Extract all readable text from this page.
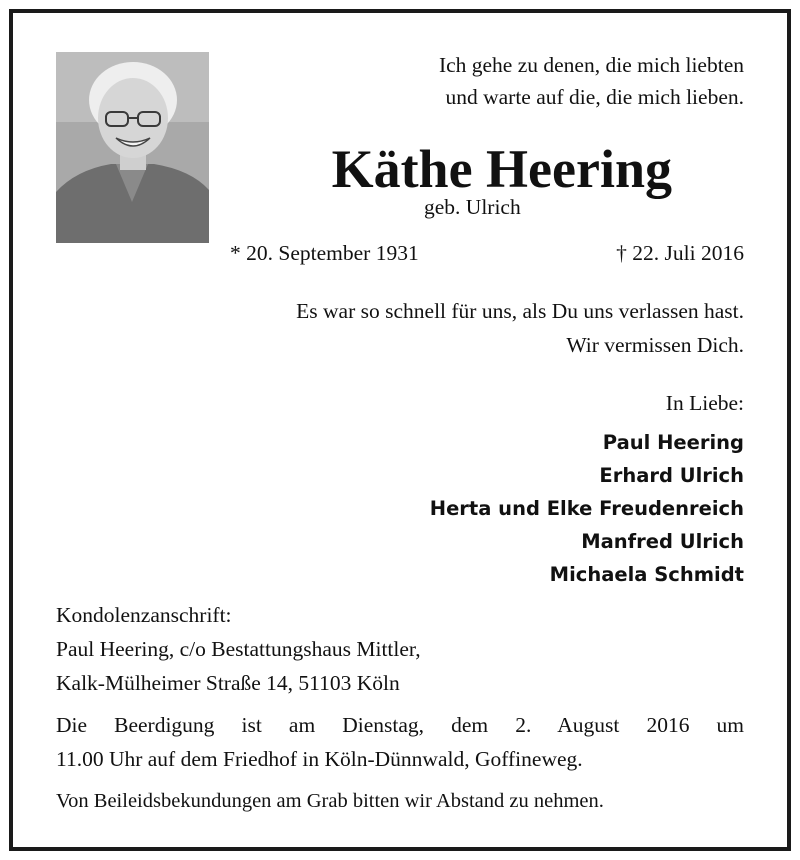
Ich gehe zu denen, die mich liebten
und warte auf die, die mich lieben.
Käthe Heering
geb. Ulrich
* 20. September 1931	† 22. Juli 2016
Es war so schnell für uns, als Du uns verlassen hast.
Wir vermissen Dich.
In Liebe:
Paul Heering
Erhard Ulrich
Herta und Elke Freudenreich
Manfred Ulrich
Michaela Schmidt
Kondolenzanschrift:
Paul Heering, c/o Bestattungshaus Mittler,
Kalk-Mülheimer Straße 14, 51103 Köln
Die Beerdigung ist am Dienstag, dem 2. August 2016 um
11.00 Uhr auf dem Friedhof in Köln-Dünnwald, Goffineweg.
Von Beileidsbekundungen am Grab bitten wir Abstand zu nehmen.
